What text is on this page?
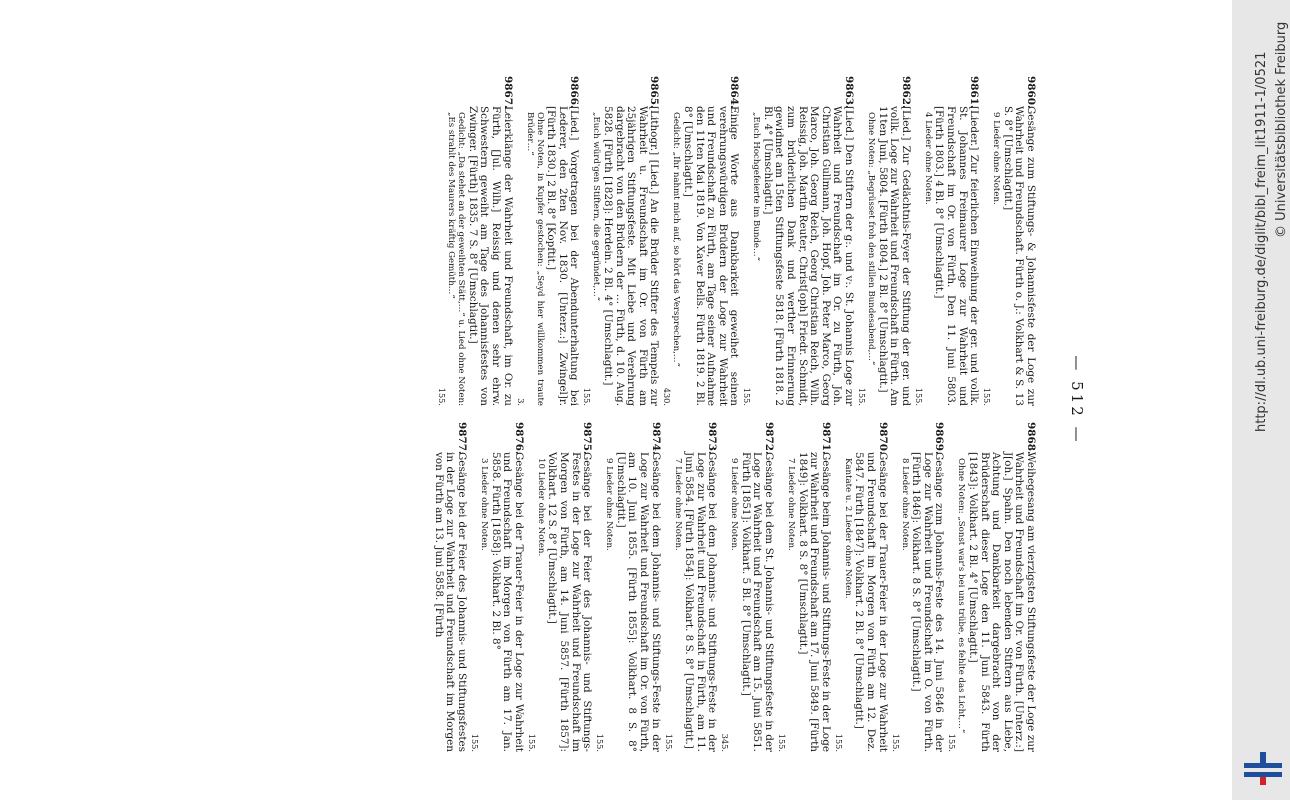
— 512 —
9860.
Gesänge zum Stiftungs- & Johannisfeste der Loge zur Wahrheit und Freundschaft. Fürth o. J.: Volkhart & S. 13 S. 8° [Umschlagtit.]
9 Lieder ohne Noten.
155.
9861.
[Lieder.] Zur feierlichen Einweihung der ger. und vollk. St. Johannes Freimaurer Loge zur Wahrheit und Freundschaft im Or. von Fürth. Den 11. Juni 5803. [Fürth 1803.] 4 Bl. 8° [Umschlagtit.]
4 Lieder ohne Noten.
155.
9862.
[Lied.] Zur Gedächtnis-Feyer der Stiftung der ger. und vollk. Loge zur Wahrheit und Freundschaft in Fürth. Am 11ten Juni, 5804. [Fürth 1804.] 2 Bl. 8° [Umschlagtit.]
Ohne Noten: „Begrüsset froh den stillen Bundesabend,…“
155.
9863.
[Lied.] Den Stiftern der g:. und v:. St. Johannis Loge zur Wahrheit und Freundschaft im Or. zu Fürth, Joh. Christian Gullmann, Joh. Hopf, Joh. Peter Marco, Georg Marco, Joh. Georg Reich, Georg Christian Reich, Wilh. Reissig, Joh. Martin Reuter, Christ[oph] Friedr. Schmidt, zum brüderlichen Dank und werther Erinnerung gewidmet am 15ten Stiftungsfeste 5818. [Fürth 1818. 2 Bl. 4° [Umschlagtit.]
„Euch Hochgefeierte im Bunde…“
155.
9864.
Einige Worte aus Dankbarkeit geweihet seinen verehrungswürdigen Brüdern der Loge zur Wahrheit und Freundschaft zu Fürth, am Tage seiner Aufnahme den 11ten Mai 1819. Von Xaver Bells. Fürth 1819. 2 Bl. 8° [Umschlagtit.]
Gedicht: „Ihr nahmt mich auf, so hört das Versprechen,…“
430.
9865.
[Lithogr.] [Lied.] An die Brüder Stifter des Tempels zur Wahrheit u. Freundschaft im Or. von Fürth am 25jährigen Stiftungsfeste. Mit Liebe und Verehrung dargebracht von den Brüdern der … Fürth, d. 10. Aug. 5828. [Fürth [1828]: Herdein. 2 Bl. 4° [Umschlagtit.]
„Euch würd'gen Stiftern, die gegründet,…“
155.
9866.
[Lied.] Vorgetragen bei der Abendunterhaltung bei Lederer, den 2ten Nov. 1830. [Unterz.:] Zwingel]r. [Fürth 1830.] 2 Bl. 8° [Kopftit.]
Ohne Noten, in Kupfer gestochen: „Seyd hier willkommen traute Brüder…“
3.
9867.
Leierklänge der Wahrheit und Freundschaft, im Or. zu Fürth, [Jul. Wilh.] Reissig und denen sehr ehrw. Schwestern geweiht am Tage des Johannisfestes von Zwinger. [Fürth] 1835. 7 S. 8° [Umschlagtit.]
Gedicht: „Da stehet an der geweihten Stätt,…“ u. Lied ohne Noten: „Es strahlt des Maurers kräftig Gemüth…“
155.
9868.
Weihegesang am vierzigsten Stiftungsfeste der Loge zur Wahrheit und Freundschaft im Or. von Fürth. [Unterz.:] J[oh.] Spahn. Den noch lebenden Stiftern aus Liebe, Achtung und Dankbarkeit dargebracht von der Brüderschaft dieser Loge den 11. Juni 5843. Fürth [1843]: Volkhart. 2 Bl. 4° [Umschlagtit.]
Ohne Noten: „Sonst war's bei uns trübe, es fehlte das Licht,…“
155.
9869.
Gesänge zum Johannis-Feste des 14. Juni 5846 in der Loge zur Wahrheit und Freundschaft im O. von Fürth. [Fürth 1846]: Volkhart. 8 S. 8° [Umschlagtit.]
8 Lieder ohne Noten.
155.
9870.
Gesänge bei der Trauer-Feier in der Loge zur Wahrheit und Freundschaft im Morgen von Fürth am 12. Dez. 5847. Fürth [1847]: Volkhart. 2 Bl. 8° [Umschlagtit.]
Kantate u. 2 Lieder ohne Noten.
155.
9871.
Gesänge beim Johannis- und Stiftungs-Feste in der Loge zur Wahrheit und Freundschaft am 17. Juni 5849. [Fürth 1849]: Volkhart. 8 S. 8° [Umschlagtit.]
7 Lieder ohne Noten.
155.
9872.
Gesänge bei dem St. Johannis- und Stiftungsfeste in der Loge zur Wahrheit und Freundschaft am 15. Juni 5851. Fürth [1851]: Volkhart. 5 Bl. 8° [Umschlagtit.]
9 Lieder ohne Noten.
345.
9873.
Gesänge bei dem Johannis- und Stiftungs-Feste in der Loge zur Wahrheit und Freundschaft in Fürth, am 11. Juni 5854. [Fürth 1854]: Volkhart. 8 S. 8° [Umschlagtit.]
7 Lieder ohne Noten.
155.
9874.
Gesänge bei dem Johannis- und Stiftungs-Feste in der Loge zur Wahrheit und Freundschaft im Or. von Fürth, am 10. Juni 1855. [Fürth 1855]: Volkhart. 8 S. 8° [Umschlagtit.]
9 Lieder ohne Noten.
155.
9875.
Gesänge bei der Feier des Johannis- und Stiftungs-Festes in der Loge zur Wahrheit und Freundschaft im Morgen von Fürth, am 14. Juni 5857. [Fürth 1857]: Volkhart. 12 S. 8° [Umschlagtit.]
10 Lieder ohne Noten.
155.
9876.
Gesänge bei der Trauer-Feier in der Loge zur Wahrheit und Freundschaft im Morgen von Fürth am 17. Jan. 5858. Fürth [1858]: Volkhart. 2 Bl. 8°
3 Lieder ohne Noten.
155.
9877.
Gesänge bei der Feier des Johannis- und Stiftungsfestes in der Loge zur Wahrheit und Freundschaft im Morgen von Fürth am 13. Juni 5858. [Fürth
http://dl.ub.uni-freiburg.de/diglit/bibl_freim_lit1911-1/0521 © Universitätsbibliothek Freiburg
